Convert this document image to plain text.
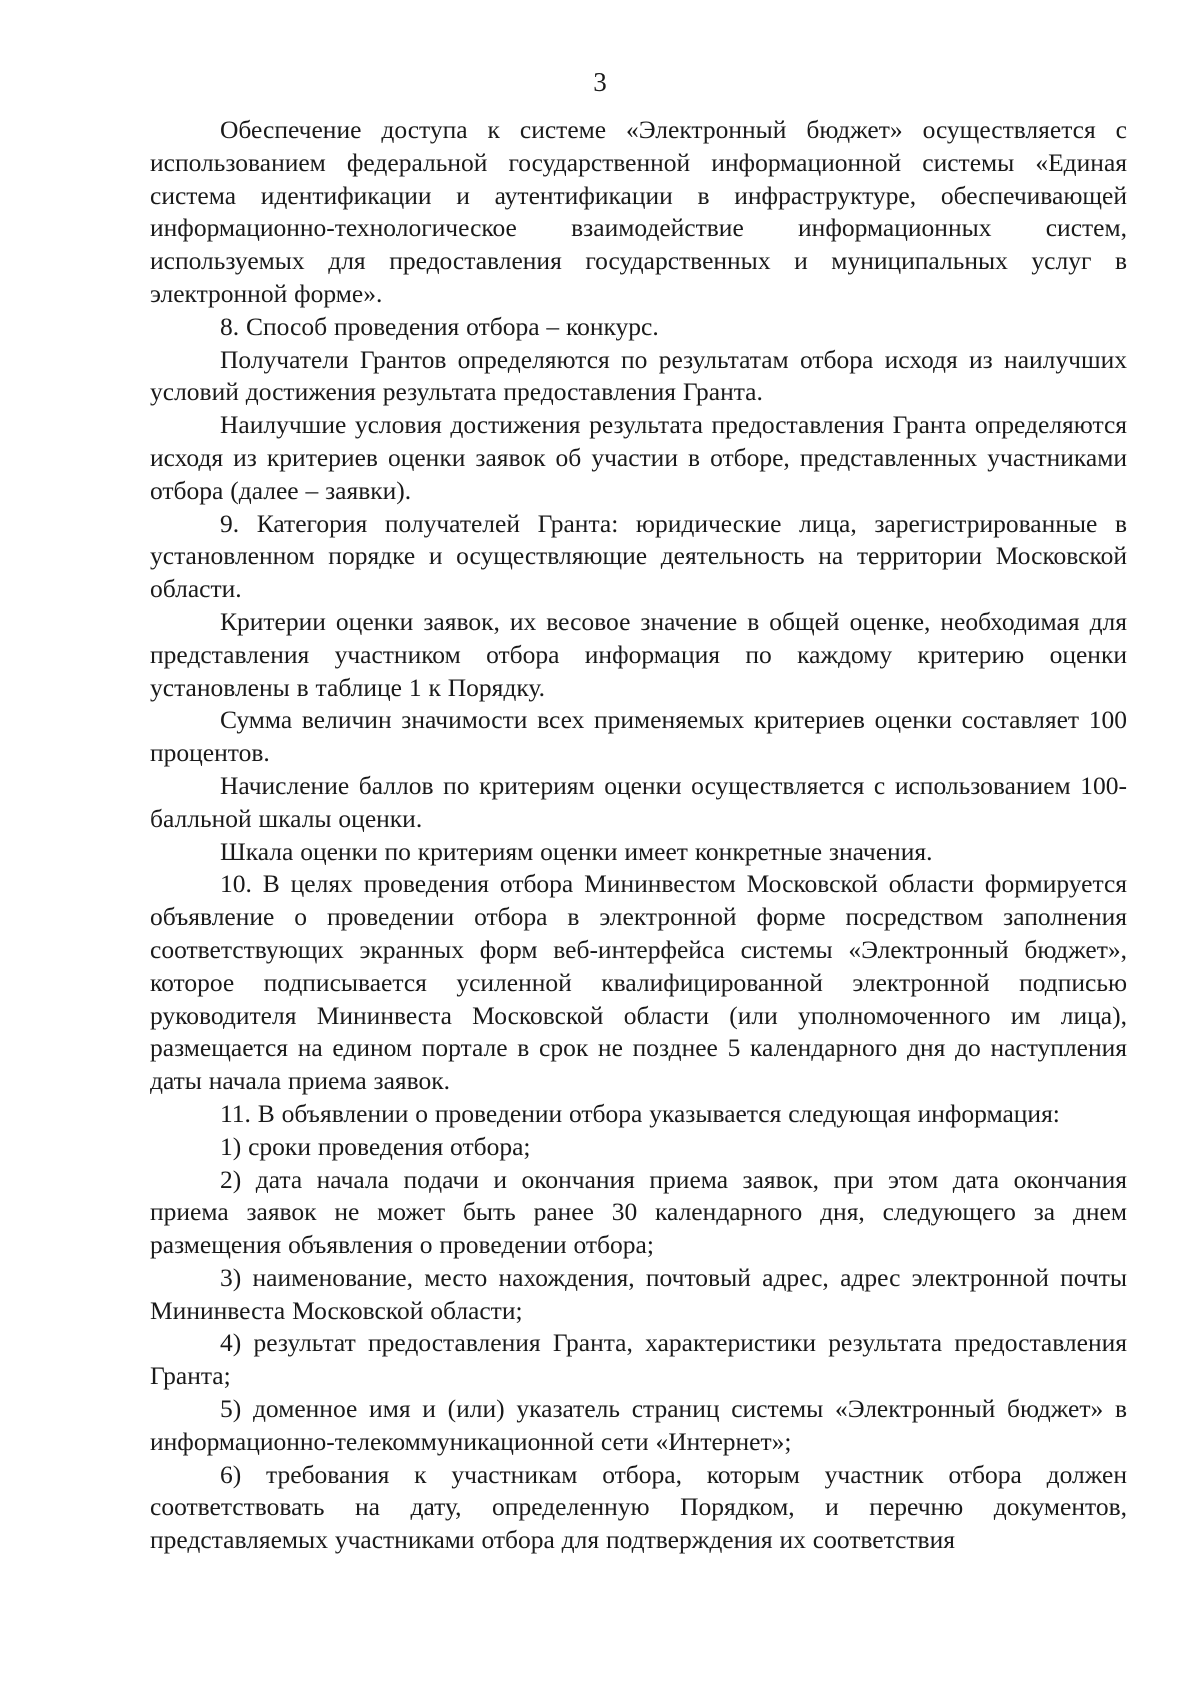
3

Обеспечение доступа к системе «Электронный бюджет» осуществляется с использованием федеральной государственной информационной системы «Единая система идентификации и аутентификации в инфраструктуре, обеспечивающей информационно-технологическое взаимодействие информационных систем, используемых для предоставления государственных и муниципальных услуг в электронной форме».

8. Способ проведения отбора – конкурс.

Получатели Грантов определяются по результатам отбора исходя из наилучших условий достижения результата предоставления Гранта.

Наилучшие условия достижения результата предоставления Гранта определяются исходя из критериев оценки заявок об участии в отборе, представленных участниками отбора (далее – заявки).

9. Категория получателей Гранта: юридические лица, зарегистрированные в установленном порядке и осуществляющие деятельность на территории Московской области.

Критерии оценки заявок, их весовое значение в общей оценке, необходимая для представления участником отбора информация по каждому критерию оценки установлены в таблице 1 к Порядку.

Сумма величин значимости всех применяемых критериев оценки составляет 100 процентов.

Начисление баллов по критериям оценки осуществляется с использованием 100-балльной шкалы оценки.

Шкала оценки по критериям оценки имеет конкретные значения.

10. В целях проведения отбора Мининвестом Московской области формируется объявление о проведении отбора в электронной форме посредством заполнения соответствующих экранных форм веб-интерфейса системы «Электронный бюджет», которое подписывается усиленной квалифицированной электронной подписью руководителя Мининвеста Московской области (или уполномоченного им лица), размещается на едином портале в срок не позднее 5 календарного дня до наступления даты начала приема заявок.

11. В объявлении о проведении отбора указывается следующая информация:

1) сроки проведения отбора;

2) дата начала подачи и окончания приема заявок, при этом дата окончания приема заявок не может быть ранее 30 календарного дня, следующего за днем размещения объявления о проведении отбора;

3) наименование, место нахождения, почтовый адрес, адрес электронной почты Мининвеста Московской области;

4) результат предоставления Гранта, характеристики результата предоставления Гранта;

5) доменное имя и (или) указатель страниц системы «Электронный бюджет» в информационно-телекоммуникационной сети «Интернет»;

6) требования к участникам отбора, которым участник отбора должен соответствовать на дату, определенную Порядком, и перечню документов, представляемых участниками отбора для подтверждения их соответствия
